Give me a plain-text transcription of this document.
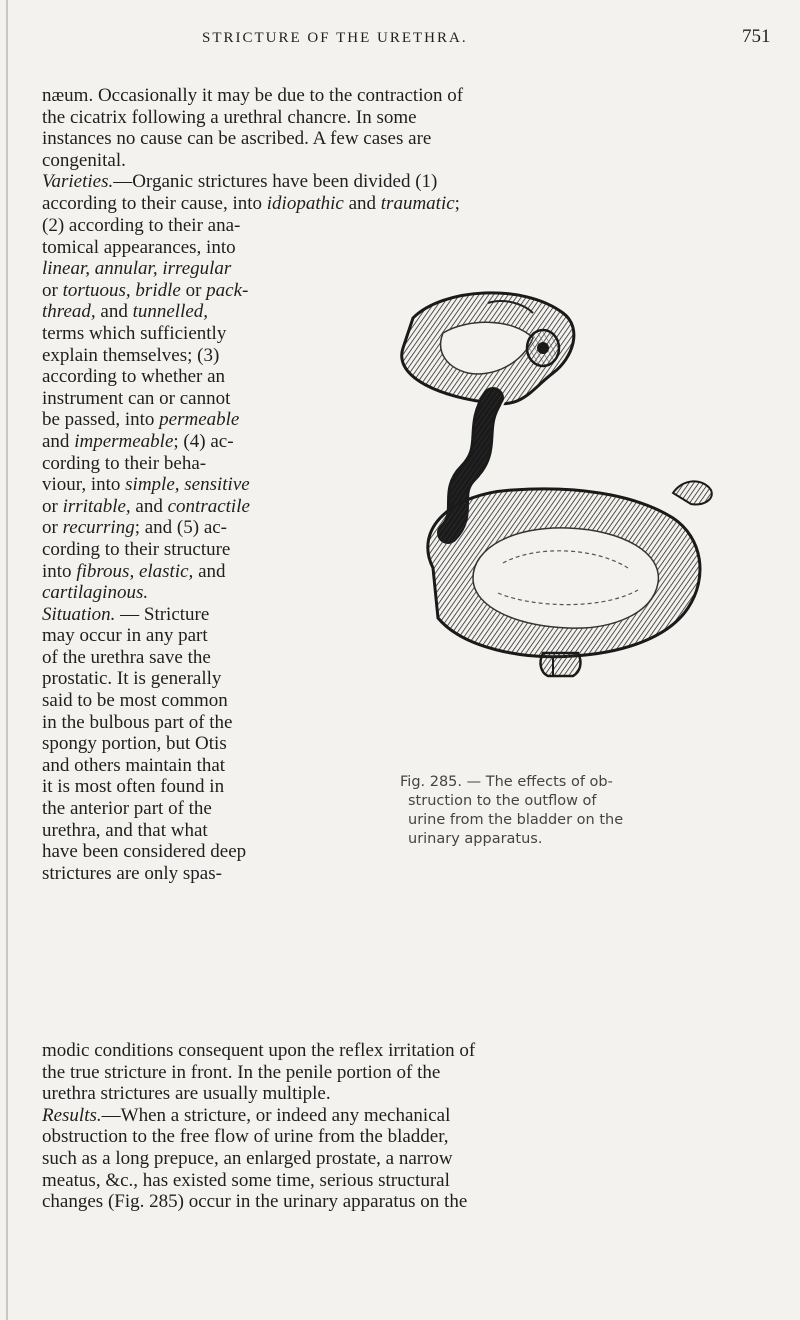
STRICTURE OF THE URETHRA.	751
næum. Occasionally it may be due to the contraction of
the cicatrix following a urethral chancre. In some
instances no cause can be ascribed. A few cases are
congenital.
Varieties.—Organic strictures have been divided (1)
according to their cause, into idiopathic and traumatic;
(2) according to their ana-
tomical appearances, into
linear, annular, irregular
or tortuous, bridle or pack-
thread, and tunnelled,
terms which sufficiently
explain themselves; (3)
according to whether an
instrument can or cannot
be passed, into permeable
and impermeable; (4) ac-
cording to their beha-
viour, into simple, sensitive
or irritable, and contractile
or recurring; and (5) ac-
cording to their structure
into fibrous, elastic, and
cartilaginous.
Situation. — Stricture
may occur in any part
of the urethra save the
prostatic. It is generally
said to be most common
in the bulbous part of the
spongy portion, but Otis
and others maintain that
it is most often found in
the anterior part of the
urethra, and that what
have been considered deep
strictures are only spas-
Fig. 285. — The effects of ob-
struction to the outflow of
urine from the bladder on the
urinary apparatus.
modic conditions consequent upon the reflex irritation of
the true stricture in front. In the penile portion of the
urethra strictures are usually multiple.
Results.—When a stricture, or indeed any mechanical
obstruction to the free flow of urine from the bladder,
such as a long prepuce, an enlarged prostate, a narrow
meatus, &c., has existed some time, serious structural
changes (Fig. 285) occur in the urinary apparatus on the
